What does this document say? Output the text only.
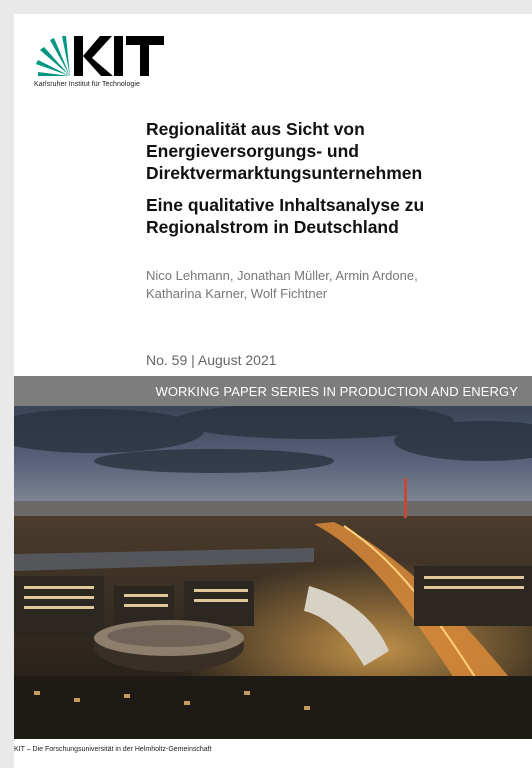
Karlsruher Institut für Technologie
Regionalität aus Sicht von
Energieversorgungs- und
Direktvermarktungsunternehmen
Eine qualitative Inhaltsanalyse zu
Regionalstrom in Deutschland
Nico Lehmann, Jonathan Müller, Armin Ardone,
Katharina Karner, Wolf Fichtner
No. 59 | August 2021
WORKING PAPER SERIES IN PRODUCTION AND ENERGY
KIT – Die Forschungsuniversität in der Helmholtz-Gemeinschaft	www.iip.kit.edu
